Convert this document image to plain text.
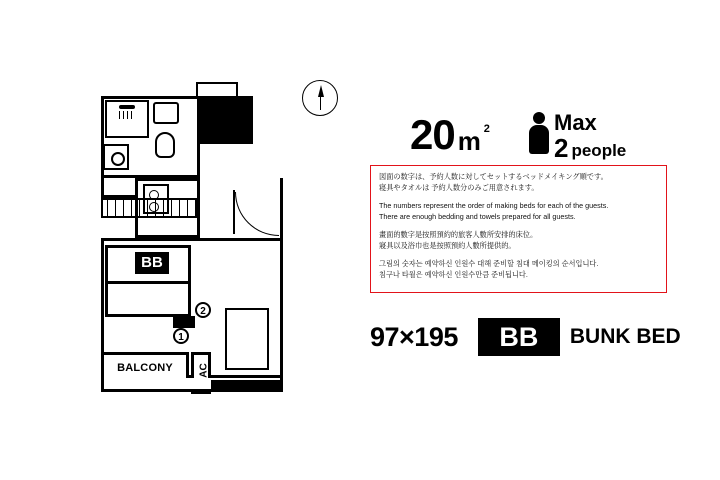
BB
2
1
BALCONY	AC
20 m 2	Max
2 people

図面の数字は、予約人数に対してセットするベッドメイキング順です。

寝具やタオルは 予約人数分のみご用意されます。

The numbers represent the order of making beds for each of the guests.

There are enough bedding and towels prepared for all guests.

畫面的數字是按照預約的旅客人數所安排的床位。

寢具以及浴巾也是按照預約人數所提供的。

그림의 숫자는 예약하신 인원수 대해 준비할 침대 메이킹의 순서입니다.

침구나 타월은 예약하신 인원수만큼 준비됩니다.

97×195	BB	BUNK BED
